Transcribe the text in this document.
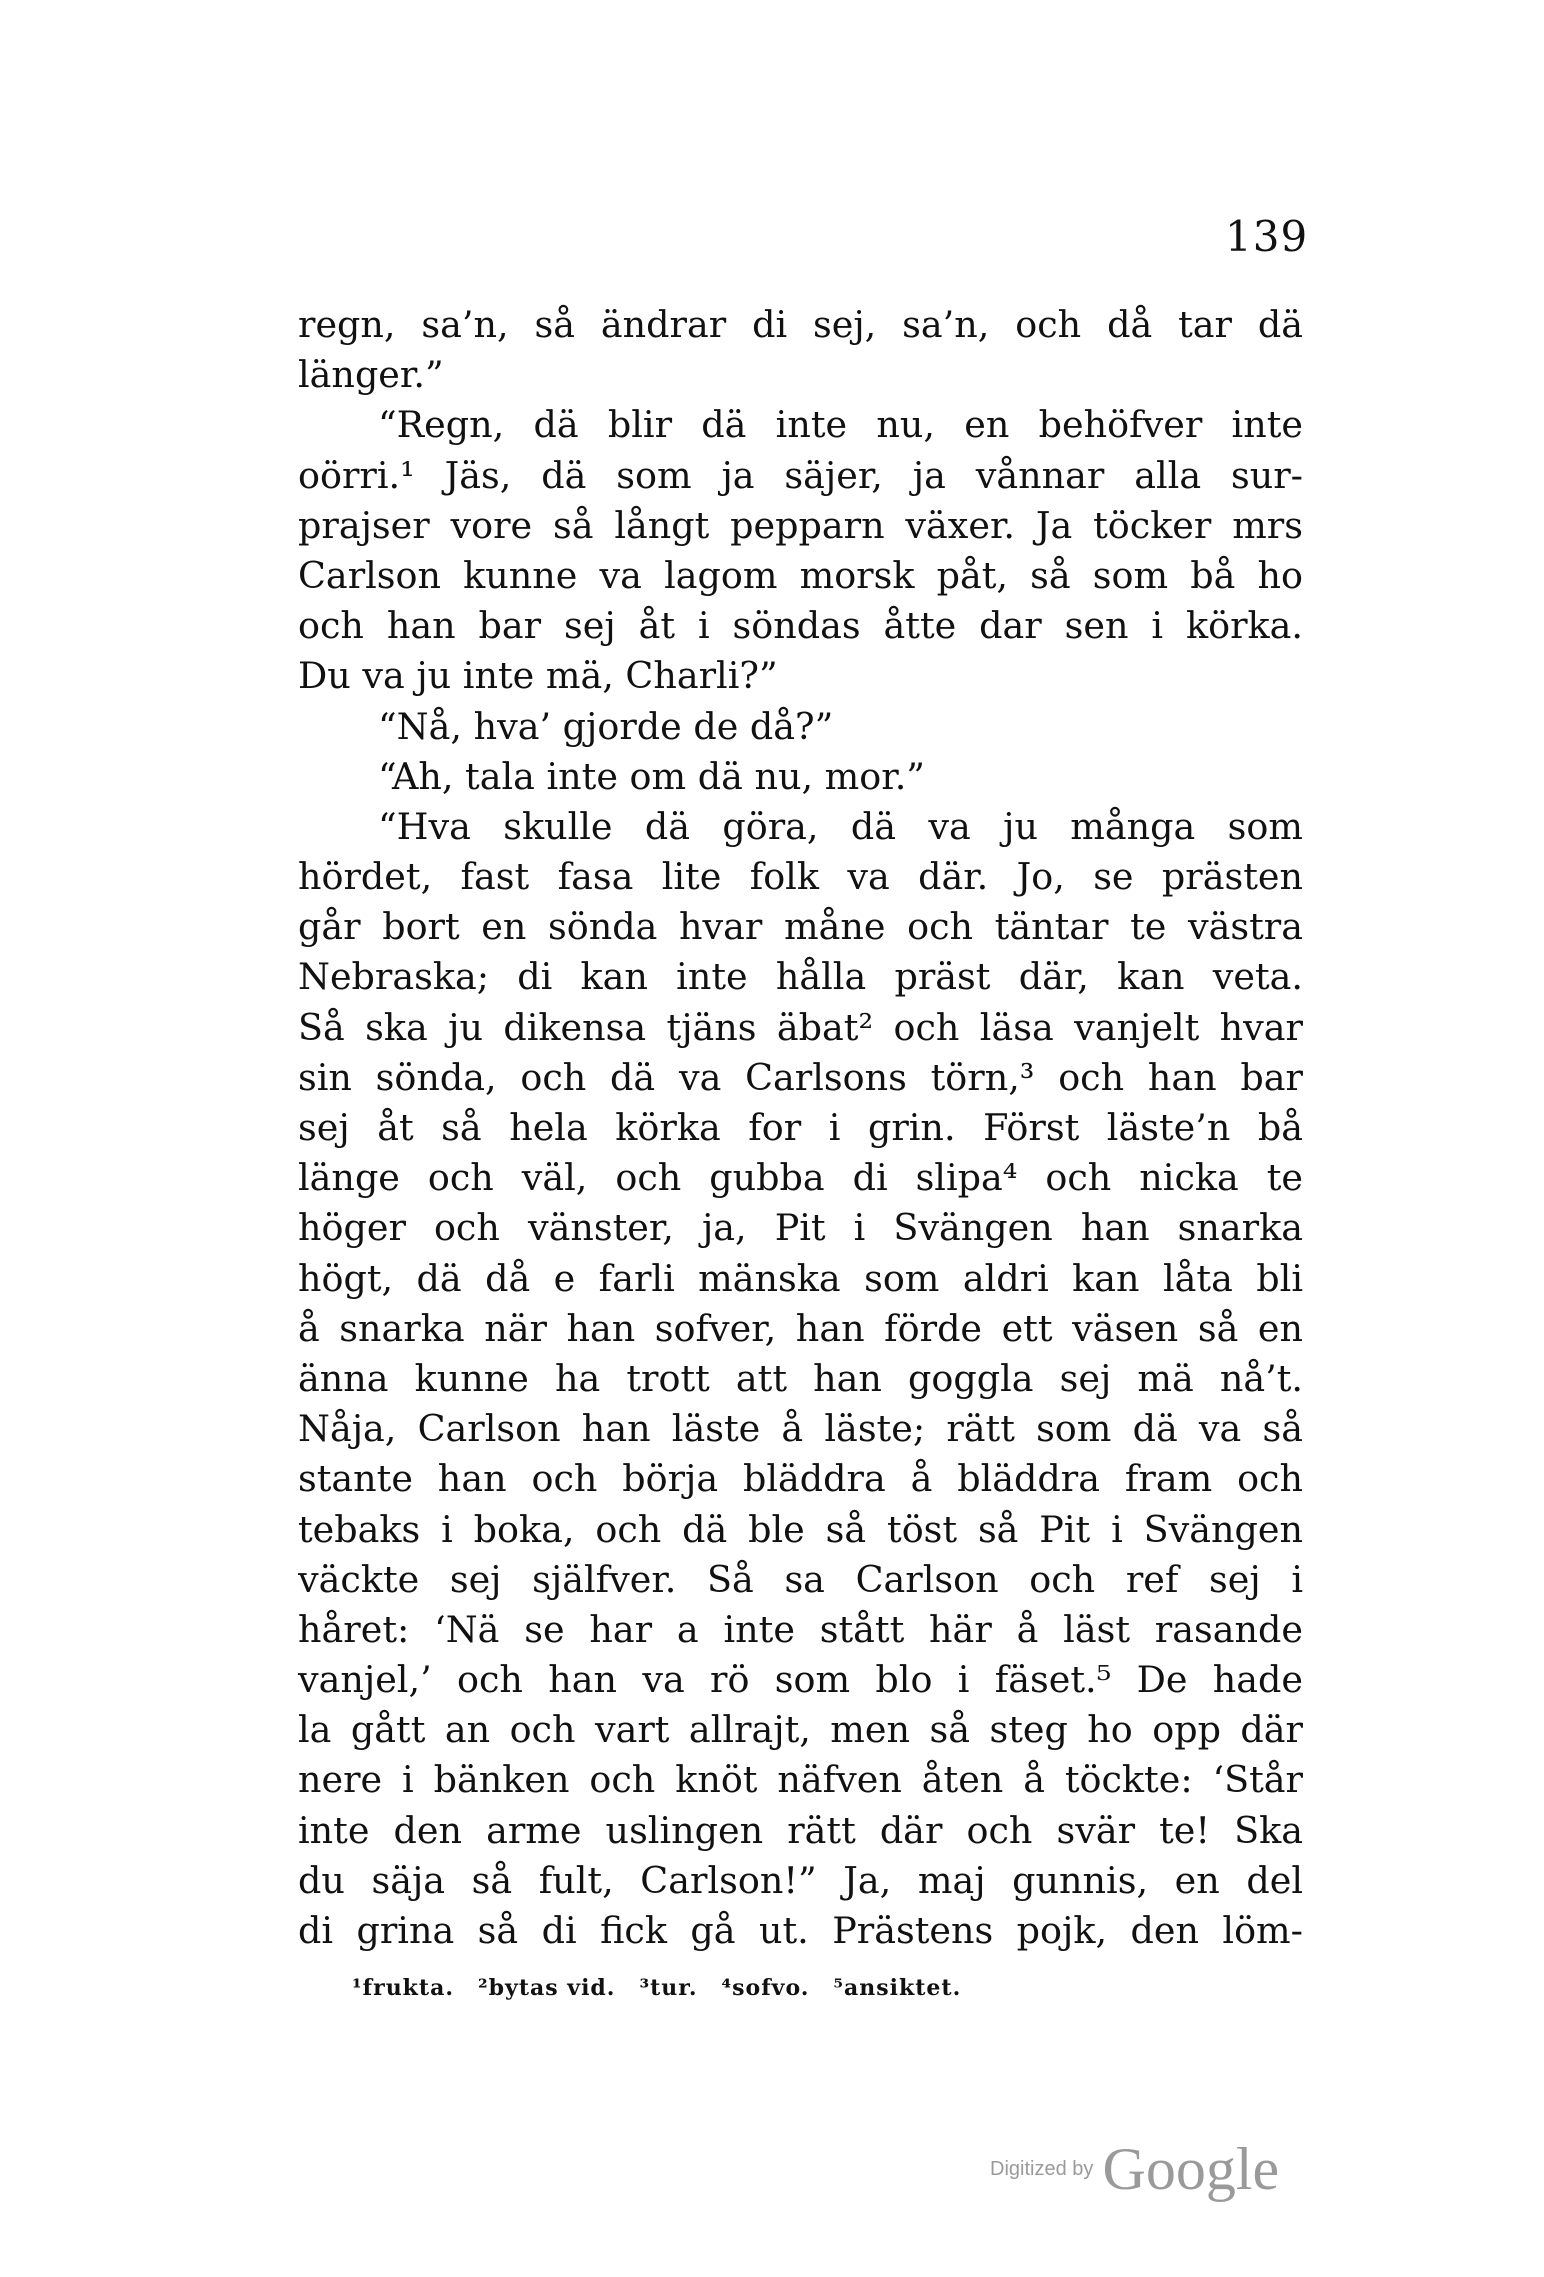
139
regn, sa’n, så ändrar di sej, sa’n, och då tar dä
länger.”
“Regn, dä blir dä inte nu, en behöfver inte
oörri.¹ Jäs, dä som ja säjer, ja vånnar alla sur-
prajser vore så långt pepparn växer. Ja töcker mrs
Carlson kunne va lagom morsk påt, så som bå ho
och han bar sej åt i söndas åtte dar sen i körka.
Du va ju inte mä, Charli?”
“Nå, hva’ gjorde de då?”
“Ah, tala inte om dä nu, mor.”
“Hva skulle dä göra, dä va ju många som
hördet, fast fasa lite folk va där. Jo, se prästen
går bort en sönda hvar måne och täntar te västra
Nebraska; di kan inte hålla präst där, kan veta.
Så ska ju dikensa tjäns äbat² och läsa vanjelt hvar
sin sönda, och dä va Carlsons törn,³ och han bar
sej åt så hela körka for i grin. Först läste’n bå
länge och väl, och gubba di slipa⁴ och nicka te
höger och vänster, ja, Pit i Svängen han snarka
högt, dä då e farli mänska som aldri kan låta bli
å snarka när han sofver, han förde ett väsen så en
änna kunne ha trott att han goggla sej mä nå’t.
Nåja, Carlson han läste å läste; rätt som dä va så
stante han och börja bläddra å bläddra fram och
tebaks i boka, och dä ble så töst så Pit i Svängen
väckte sej själfver. Så sa Carlson och ref sej i
håret: ‘Nä se har a inte stått här å läst rasande
vanjel,’ och han va rö som blo i fäset.⁵ De hade
la gått an och vart allrajt, men så steg ho opp där
nere i bänken och knöt näfven åten å töckte: ‘Står
inte den arme uslingen rätt där och svär te! Ska
du säja så fult, Carlson!” Ja, maj gunnis, en del
di grina så di fick gå ut. Prästens pojk, den löm-
¹frukta. ²bytas vid. ³tur. ⁴sofvo. ⁵ansiktet.
Digitized by Google
